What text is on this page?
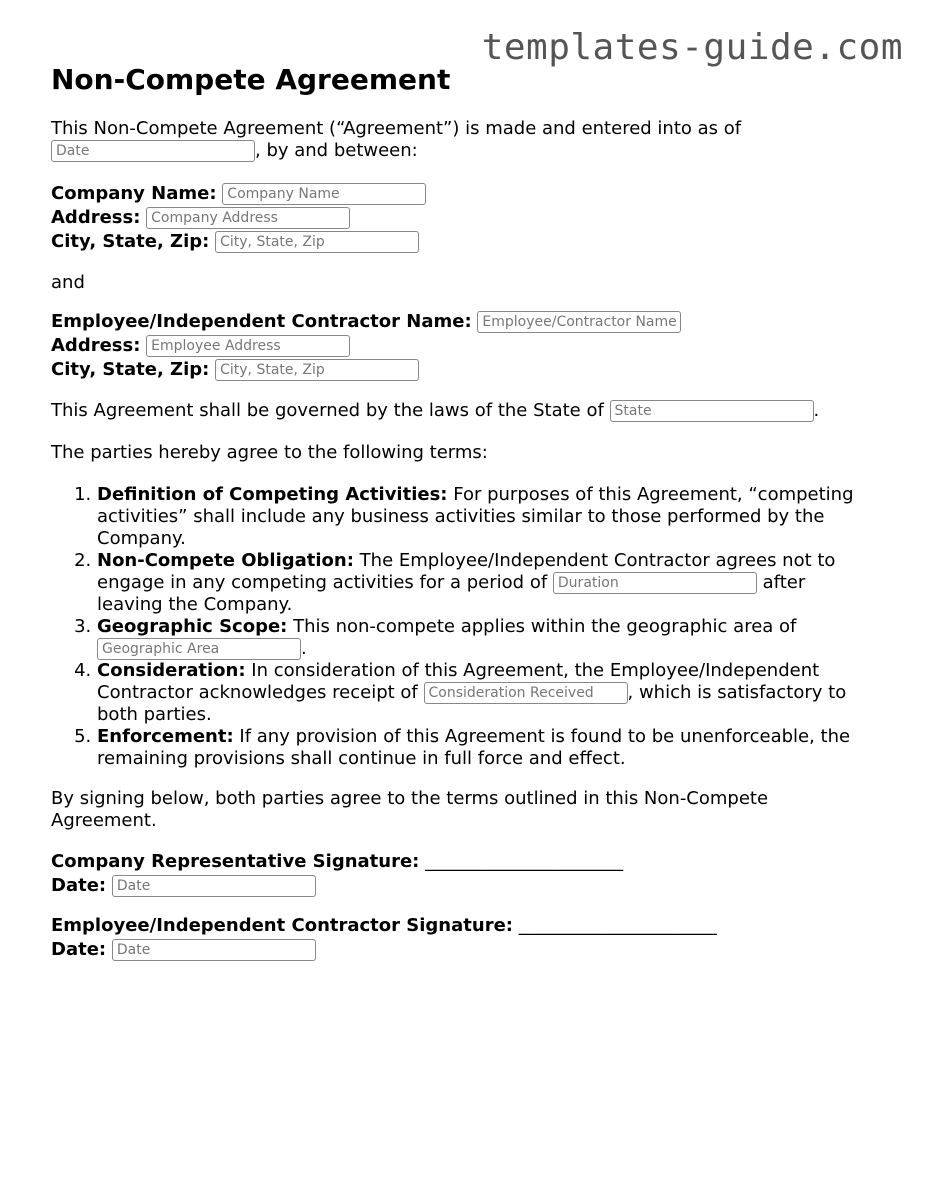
templates-guide.com
Non-Compete Agreement

This Non-Compete Agreement (“Agreement”) is made and entered into as of
Date, by and between:

Company Name: Company Name
Address: Company Address
City, State, Zip: City, State, Zip

and

Employee/Independent Contractor Name: Employee/Contractor Name
Address: Employee Address
City, State, Zip: City, State, Zip

This Agreement shall be governed by the laws of the State of State	.

The parties hereby agree to the following terms:

1. Definition of Competing Activities: For purposes of this Agreement, “competing activities” shall include any business activities similar to those performed by the Company.
2. Non-Compete Obligation: The Employee/Independent Contractor agrees not to engage in any competing activities for a period of Duration	after leaving the Company.
3. Geographic Scope: This non-compete applies within the geographic area of Geographic Area.
4. Consideration: In consideration of this Agreement, the Employee/Independent Contractor acknowledges receipt of Consideration Received	, which is satisfactory to both parties.
5. Enforcement: If any provision of this Agreement is found to be unenforceable, the remaining provisions shall continue in full force and effect.

By signing below, both parties agree to the terms outlined in this Non-Compete Agreement.

Company Representative Signature: ______________________
Date: Date
Employee/Independent Contractor Signature: ______________________
Date: Date
